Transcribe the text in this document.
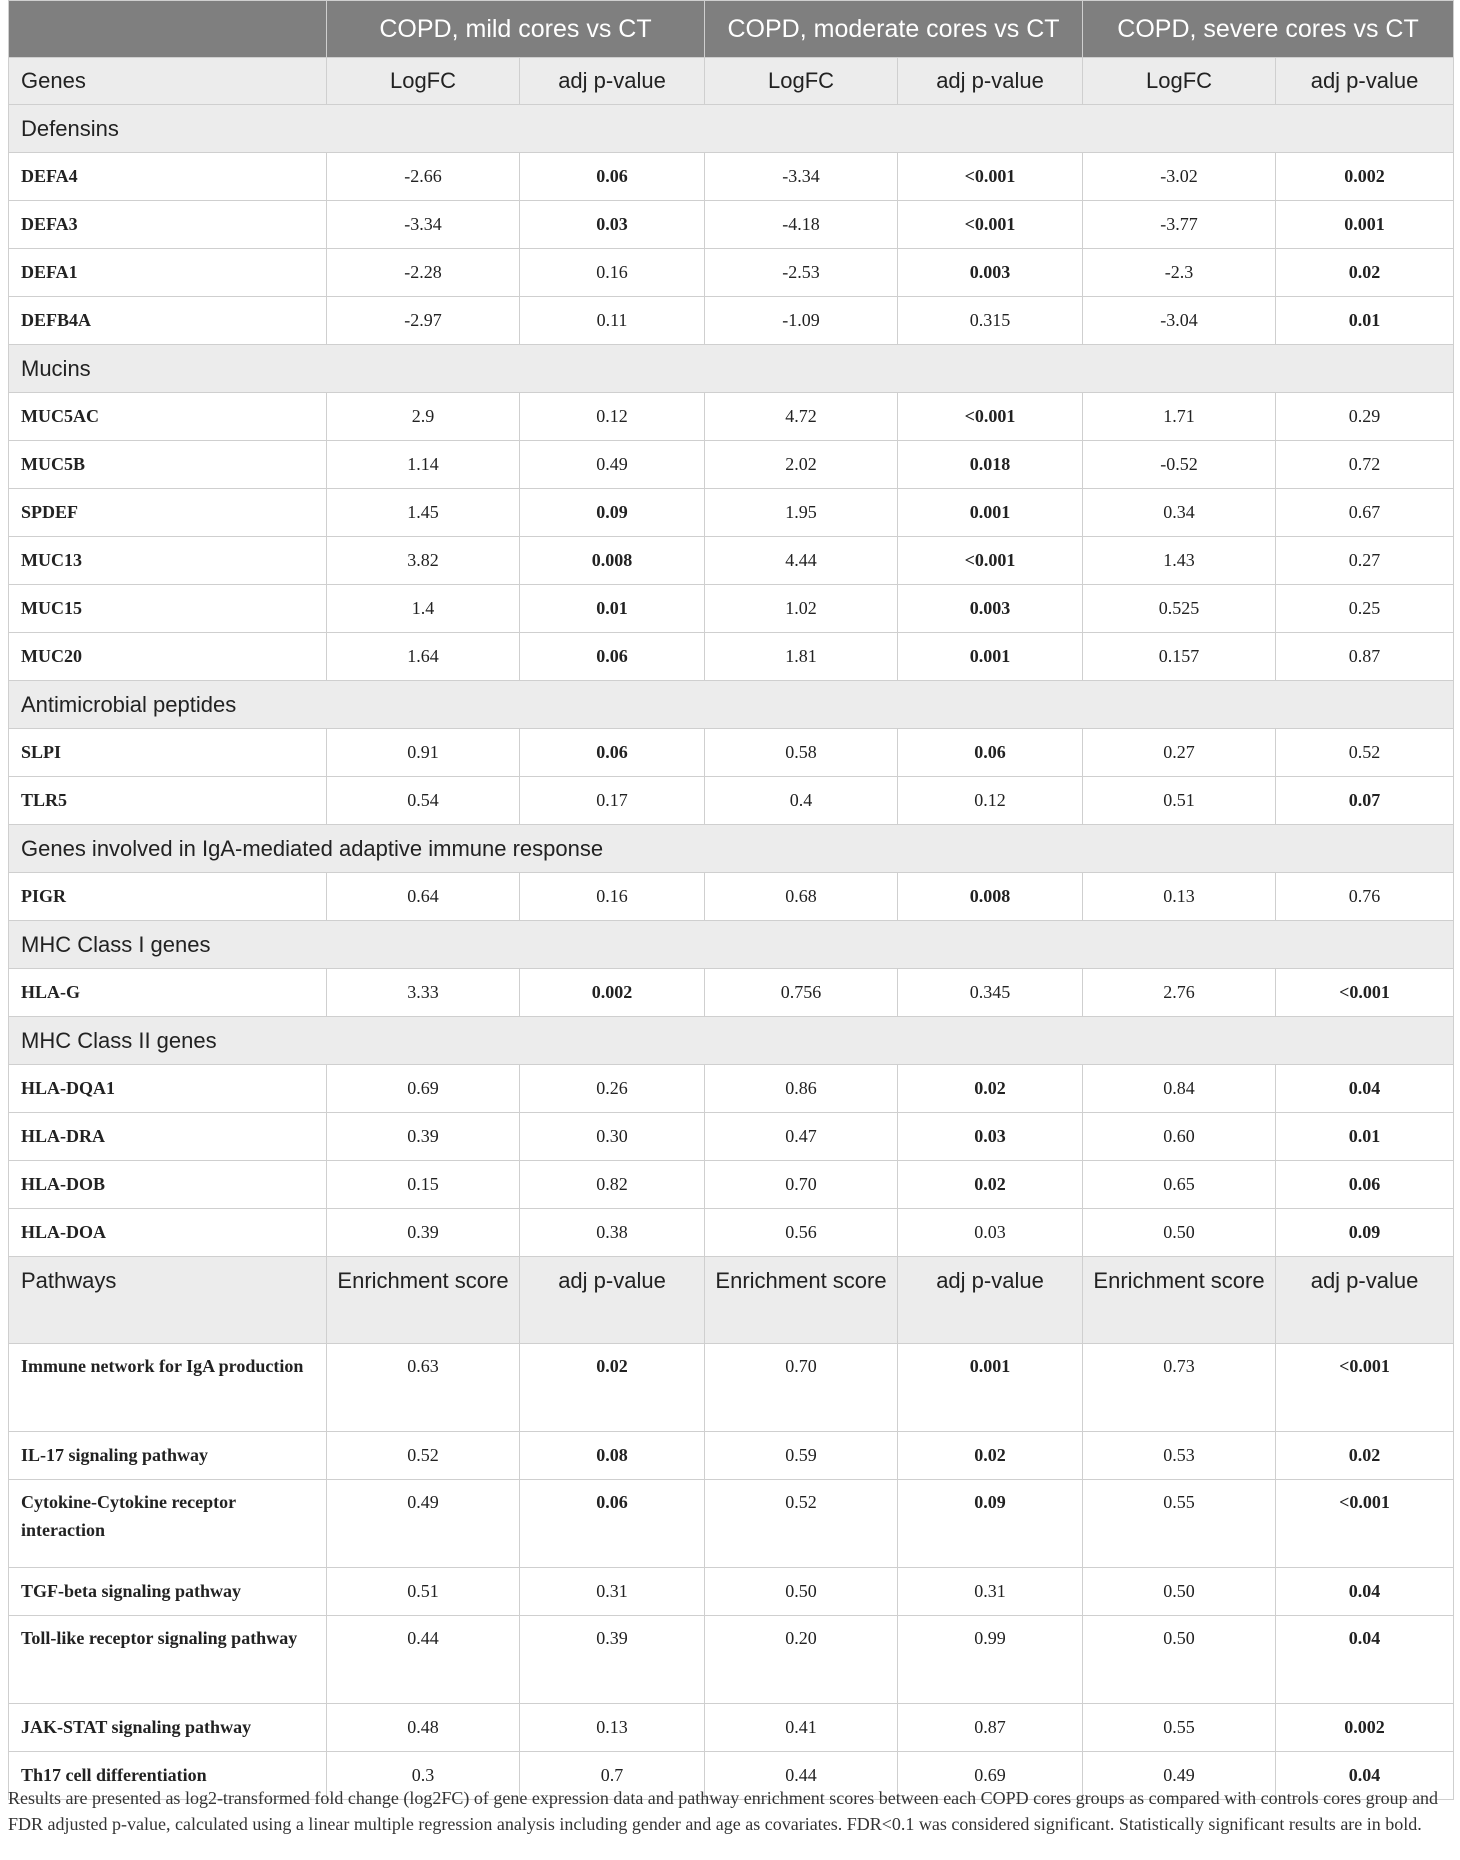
	COPD, mild cores vs CT		COPD, moderate cores vs CT		COPD, severe cores vs CT	
Genes	LogFC	adj p-value	LogFC	adj p-value	LogFC	adj p-value
Defensins						
DEFA4	-2.66	0.06	-3.34	<0.001	-3.02	0.002
DEFA3	-3.34	0.03	-4.18	<0.001	-3.77	0.001
DEFA1	-2.28	0.16	-2.53	0.003	-2.3	0.02
DEFB4A	-2.97	0.11	-1.09	0.315	-3.04	0.01
Mucins						
MUC5AC	2.9	0.12	4.72	<0.001	1.71	0.29
MUC5B	1.14	0.49	2.02	0.018	-0.52	0.72
SPDEF	1.45	0.09	1.95	0.001	0.34	0.67
MUC13	3.82	0.008	4.44	<0.001	1.43	0.27
MUC15	1.4	0.01	1.02	0.003	0.525	0.25
MUC20	1.64	0.06	1.81	0.001	0.157	0.87
Antimicrobial peptides						
SLPI	0.91	0.06	0.58	0.06	0.27	0.52
TLR5	0.54	0.17	0.4	0.12	0.51	0.07
Genes involved in IgA-mediated adaptive immune response						
PIGR	0.64	0.16	0.68	0.008	0.13	0.76
MHC Class I genes						
HLA-G	3.33	0.002	0.756	0.345	2.76	<0.001
MHC Class II genes						
HLA-DQA1	0.69	0.26	0.86	0.02	0.84	0.04
HLA-DRA	0.39	0.30	0.47	0.03	0.60	0.01
HLA-DOB	0.15	0.82	0.70	0.02	0.65	0.06
HLA-DOA	0.39	0.38	0.56	0.03	0.50	0.09
Pathways	Enrichment score	adj p-value	Enrichment score	adj p-value	Enrichment score	adj p-value
Immune network for IgA production	0.63	0.02	0.70	0.001	0.73	<0.001
IL-17 signaling pathway	0.52	0.08	0.59	0.02	0.53	0.02
Cytokine-Cytokine receptor interaction	0.49	0.06	0.52	0.09	0.55	<0.001
TGF-beta signaling pathway	0.51	0.31	0.50	0.31	0.50	0.04
Toll-like receptor signaling pathway	0.44	0.39	0.20	0.99	0.50	0.04
JAK-STAT signaling pathway	0.48	0.13	0.41	0.87	0.55	0.002
Th17 cell differentiation	0.3	0.7	0.44	0.69	0.49	0.04
Results are presented as log2-transformed fold change (log2FC) of gene expression data and pathway enrichment scores between each COPD cores groups as compared with controls cores group and FDR adjusted p-value, calculated using a linear multiple regression analysis including gender and age as covariates. FDR<0.1 was considered significant. Statistically significant results are in bold.
